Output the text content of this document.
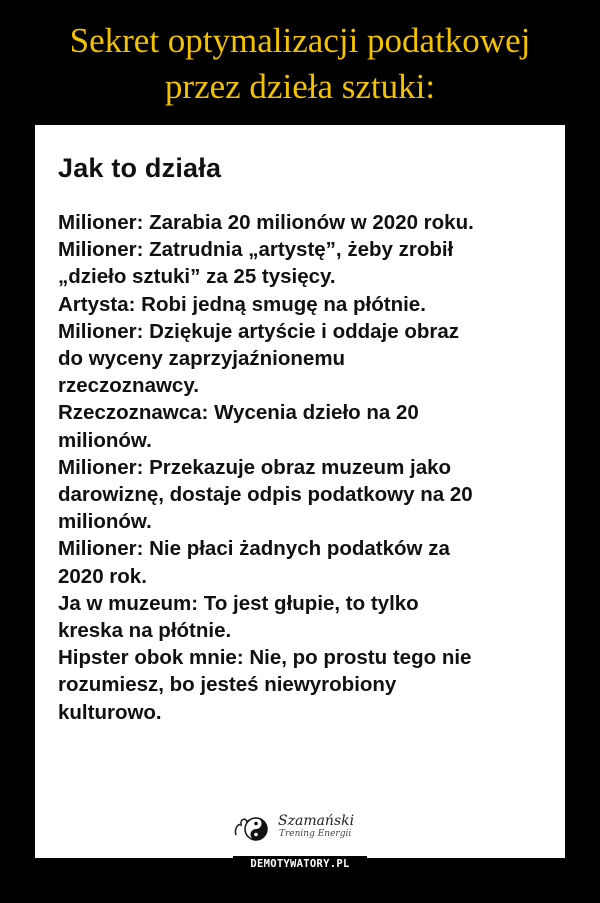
Sekret optymalizacji podatkowej
przez dzieła sztuki:
Jak to działa
Milioner: Zarabia 20 milionów w 2020 roku.
Milioner: Zatrudnia „artystę”, żeby zrobił
„dzieło sztuki” za 25 tysięcy.
Artysta: Robi jedną smugę na płótnie.
Milioner: Dziękuje artyście i oddaje obraz
do wyceny zaprzyjaźnionemu
rzeczoznawcy.
Rzeczoznawca: Wycenia dzieło na 20
milionów.
Milioner: Przekazuje obraz muzeum jako
darowiznę, dostaje odpis podatkowy na 20
milionów.
Milioner: Nie płaci żadnych podatków za
2020 rok.
Ja w muzeum: To jest głupie, to tylko
kreska na płótnie.
Hipster obok mnie: Nie, po prostu tego nie
rozumiesz, bo jesteś niewyrobiony
kulturowo.
Szamański
Trening Energii
DEMOTYWATORY.PL
